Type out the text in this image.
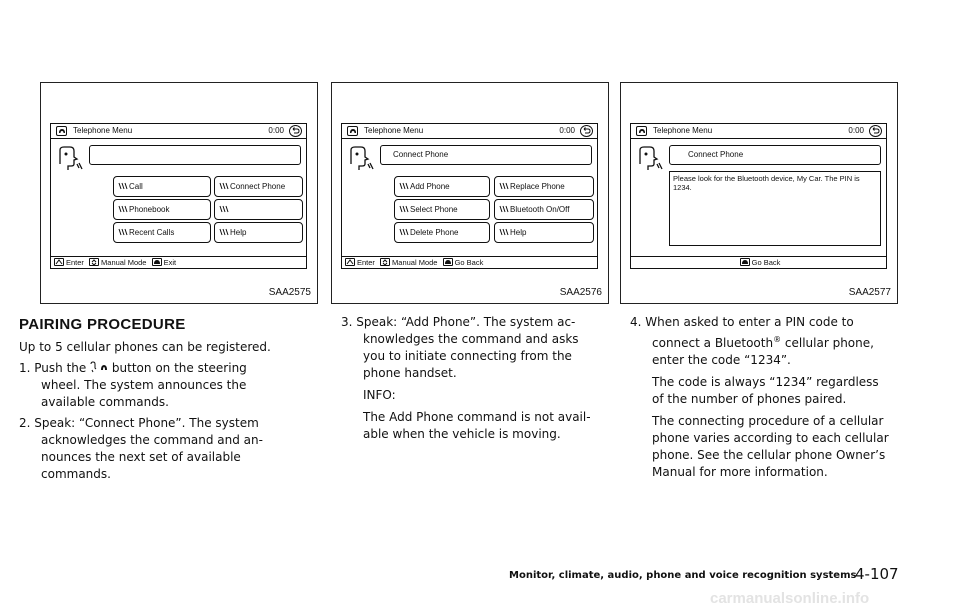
Telephone Menu	0:00
Call	Connect Phone
Phonebook
Recent Calls	Help
Enter Manual Mode Exit
SAA2575
Telephone Menu	0:00
Connect Phone
Add Phone	Replace Phone
Select Phone	Bluetooth On/Off
Delete Phone	Help
Enter Manual Mode Go Back
SAA2576
Telephone Menu	0:00
Connect Phone
Please look for the Bluetooth device, My Car. The PIN is 1234.
Go Back
SAA2577
PAIRING PROCEDURE
Up to 5 cellular phones can be registered.

1. Push the button on the steering
wheel. The system announces the
available commands.
2. Speak: “Connect Phone”. The system
acknowledges the command and an-
nounces the next set of available
commands.
3. Speak: “Add Phone”. The system ac-
knowledges the command and asks
you to initiate connecting from the
phone handset.
INFO:
The Add Phone command is not avail-
able when the vehicle is moving.
4. When asked to enter a PIN code to
connect a Bluetooth® cellular phone,
enter the code “1234”.
The code is always “1234” regardless
of the number of phones paired.
The connecting procedure of a cellular
phone varies according to each cellular
phone. See the cellular phone Owner’s
Manual for more information.
Monitor, climate, audio, phone and voice recognition systems
4-107
carmanualsonline.info
